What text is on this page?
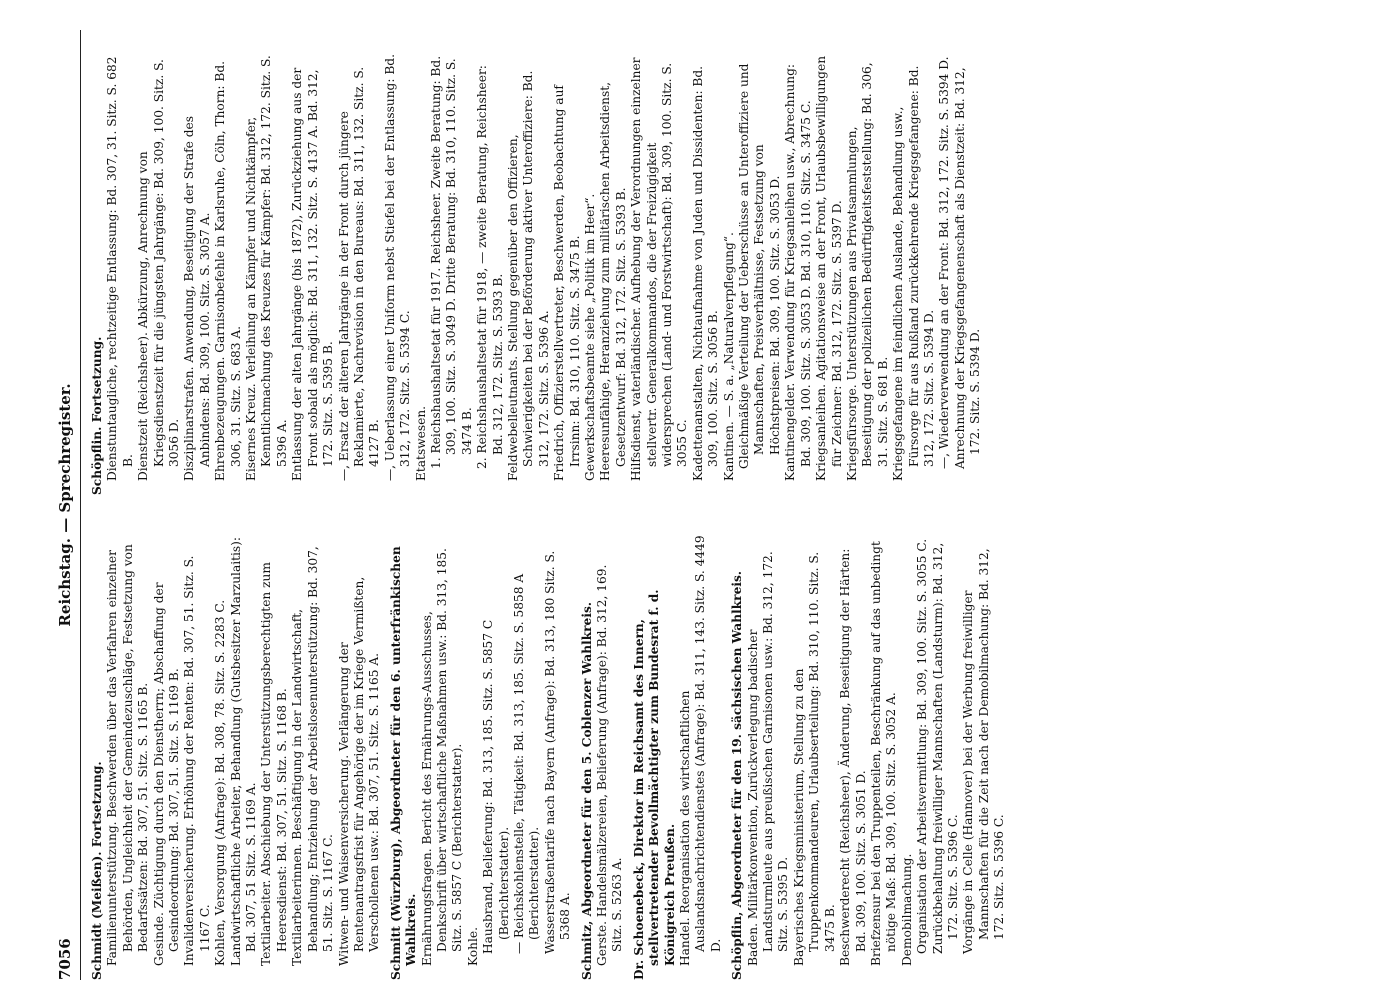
7056
Reichstag. — Sprechregister.

Schmidt (Meißen). Fortsetzung. Familienunterstützung. Beschwerden über das Verfahren einzelner Behörden, Ungleichheit der Gemeindezuschläge, Festsetzung von Bedarfssätzen: Bd. 307, 51. Sitz. S. 1165 B. Gesinde. Züchtigung durch den Dienstherrn; Abschaffung der Gesindeordnung: Bd. 307, 51. Sitz. S. 1169 B. Invalidenversicherung. Erhöhung der Renten: Bd. 307, 51. Sitz. S. 1167 C. Kohlen, Versorgung (Anfrage): Bd. 308, 78. Sitz. S. 2283 C. Landwirtschaftliche Arbeiter, Behandlung (Gutsbesitzer Marzulaitis): Bd. 307, 51 Sitz. S. 1169 A. Textilarbeiter. Abschiebung der Unterstützungsberechtigten zum Heeresdienst: Bd. 307, 51. Sitz. S. 1168 B. Textilarbeiterinnen. Beschäftigung in der Landwirtschaft, Behandlung; Entziehung der Arbeitslosenunterstützung: Bd. 307, 51. Sitz. S. 1167 C. Witwen- und Waisenversicherung. Verlängerung der Rentenantragsfrist für Angehörige der im Kriege Vermißten, Verschollenen usw.: Bd. 307, 51. Sitz. S. 1165 A. Schmitt (Würzburg), Abgeordneter für den 6. unterfränkischen Wahlkreis. Ernährungsfragen. Bericht des Ernährungs-Ausschusses, Denkschrift über wirtschaftliche Maßnahmen usw.: Bd. 313, 185. Sitz. S. 5857 C (Berichterstatter). Kohle. Hausbrand, Belieferung: Bd. 313, 185. Sitz. S. 5857 C (Berichterstatter). — Reichskohlenstelle, Tätigkeit: Bd. 313, 185. Sitz. S. 5858 A (Berichterstatter). Wasserstraßentarife nach Bayern (Anfrage): Bd. 313, 180 Sitz. S. 5368 A. Schmitz, Abgeordneter für den 5. Coblenzer Wahlkreis. Gerste. Handelsmälzereien, Belieferung (Anfrage): Bd. 312, 169. Sitz. S. 5263 A. Dr. Schoenebeck, Direktor im Reichsamt des Innern, stellvertretender Bevollmächtigter zum Bundesrat f. d. Königreich Preußen. Handel. Reorganisation des wirtschaftlichen Auslandsnachrichtendienstes (Anfrage): Bd. 311, 143. Sitz. S. 4449 D. Schöpflin, Abgeordneter für den 19. sächsischen Wahlkreis. Baden. Militärkonvention, Zurückverlegung badischer Landsturmleute aus preußischen Garnisonen usw.: Bd. 312, 172. Sitz. S. 5395 D. Bayerisches Kriegsministerium, Stellung zu den Truppenkommandeuren, Urlaubserteilung: Bd. 310, 110. Sitz. S. 3475 B. Beschwerderecht (Reichsheer), Änderung, Beseitigung der Härten: Bd. 309, 100. Sitz. S. 3051 D. Briefzensur bei den Truppenteilen, Beschränkung auf das unbedingt nötige Maß: Bd. 309, 100. Sitz. S. 3052 A. Demobilmachung. Organisation der Arbeitsvermittlung: Bd. 309, 100. Sitz. S. 3055 C. Zurückbehaltung freiwilliger Mannschaften (Landsturm): Bd. 312, 172. Sitz. S. 5396 C. Vorgänge in Celle (Hannover) bei der Werbung freiwilliger Mannschaften für die Zeit nach der Demobilmachung: Bd. 312, 172. Sitz. S. 5396 C.

Schöpflin. Fortsetzung. Dienstuntaugliche, rechtzeitige Entlassung: Bd. 307, 31. Sitz. S. 682 B. Dienstzeit (Reichsheer). Abkürzung, Anrechnung von Kriegsdienstzeit für die jüngsten Jahrgänge: Bd. 309, 100. Sitz. S. 3056 D. Disziplinarstrafen. Anwendung, Beseitigung der Strafe des Anbindens: Bd. 309, 100. Sitz. S. 3057 A. Ehrenbezeugungen. Garnisonbefehle in Karlsruhe, Cöln, Thorn: Bd. 306, 31. Sitz. S. 683 A. Eisernes Kreuz. Verleihung an Kämpfer und Nichtkämpfer, Kenntlichmachung des Kreuzes für Kämpfer: Bd. 312, 172. Sitz. S. 5396 A. Entlassung der alten Jahrgänge (bis 1872), Zurückziehung aus der Front sobald als möglich: Bd. 311, 132. Sitz. S. 4137 A. Bd. 312, 172. Sitz. S. 5395 B. —, Ersatz der älteren Jahrgänge in der Front durch jüngere Reklamierte, Nachrevision in den Bureaus: Bd. 311, 132. Sitz. S. 4127 B. —, Ueberlassung einer Uniform nebst Stiefel bei der Entlassung: Bd. 312, 172. Sitz. S. 5394 C. Etatswesen. 1. Reichshaushaltsetat für 1917. Reichsheer. Zweite Beratung: Bd. 309, 100. Sitz. S. 3049 D. Dritte Beratung: Bd. 310, 110. Sitz. S. 3474 B. 2. Reichshaushaltsetat für 1918, — zweite Beratung, Reichsheer: Bd. 312, 172. Sitz. S. 5393 B. Feldwebelleutnants. Stellung gegenüber den Offizieren, Schwierigkeiten bei der Beförderung aktiver Unteroffiziere: Bd. 312, 172. Sitz. S. 5396 A. Friedrich, Offizierstellvertreter, Beschwerden, Beobachtung auf Irrsinn: Bd. 310, 110. Sitz. S. 3475 B. Gewerkschaftsbeamte siehe „Politik im Heer“. Heeresunfähige, Heranziehung zum militärischen Arbeitsdienst, Gesetzentwurf: Bd. 312, 172. Sitz. S. 5393 B. Hilfsdienst, vaterländischer. Aufhebung der Verordnungen einzelner stellvertr. Generalkommandos, die der Freizügigkeit widersprechen (Land- und Forstwirtschaft): Bd. 309, 100. Sitz. S. 3055 C. Kadettenanstalten, Nichtaufnahme von Juden und Dissidenten: Bd. 309, 100. Sitz. S. 3056 B. Kantinen. — S. a. „Naturalverpflegung“. Gleichmäßige Verteilung der Ueberschüsse an Unteroffiziere und Mannschaften, Preisverhältnisse, Festsetzung von Höchstpreisen: Bd. 309, 100. Sitz. S. 3053 D. Kantinengelder. Verwendung für Kriegsanleihen usw., Abrechnung: Bd. 309, 100. Sitz. S. 3053 D. Bd. 310, 110. Sitz. S. 3475 C. Kriegsanleihen. Agitationsweise an der Front, Urlaubsbewilligungen für Zeichner: Bd. 312, 172. Sitz. S. 5397 D. Kriegsfürsorge. Unterstützungen aus Privatsammlungen, Beseitigung der polizeilichen Bedürftigkeitsfeststellung: Bd. 306, 31. Sitz. S. 681 B. Kriegsgefangene im feindlichen Auslande, Behandlung usw., Fürsorge für aus Rußland zurückkehrende Kriegsgefangene: Bd. 312, 172. Sitz. S. 5394 D. —, Wiederverwendung an der Front: Bd. 312, 172. Sitz. S. 5394 D. Anrechnung der Kriegsgefangenenschaft als Dienstzeit: Bd. 312, 172. Sitz. S. 5394 D.
